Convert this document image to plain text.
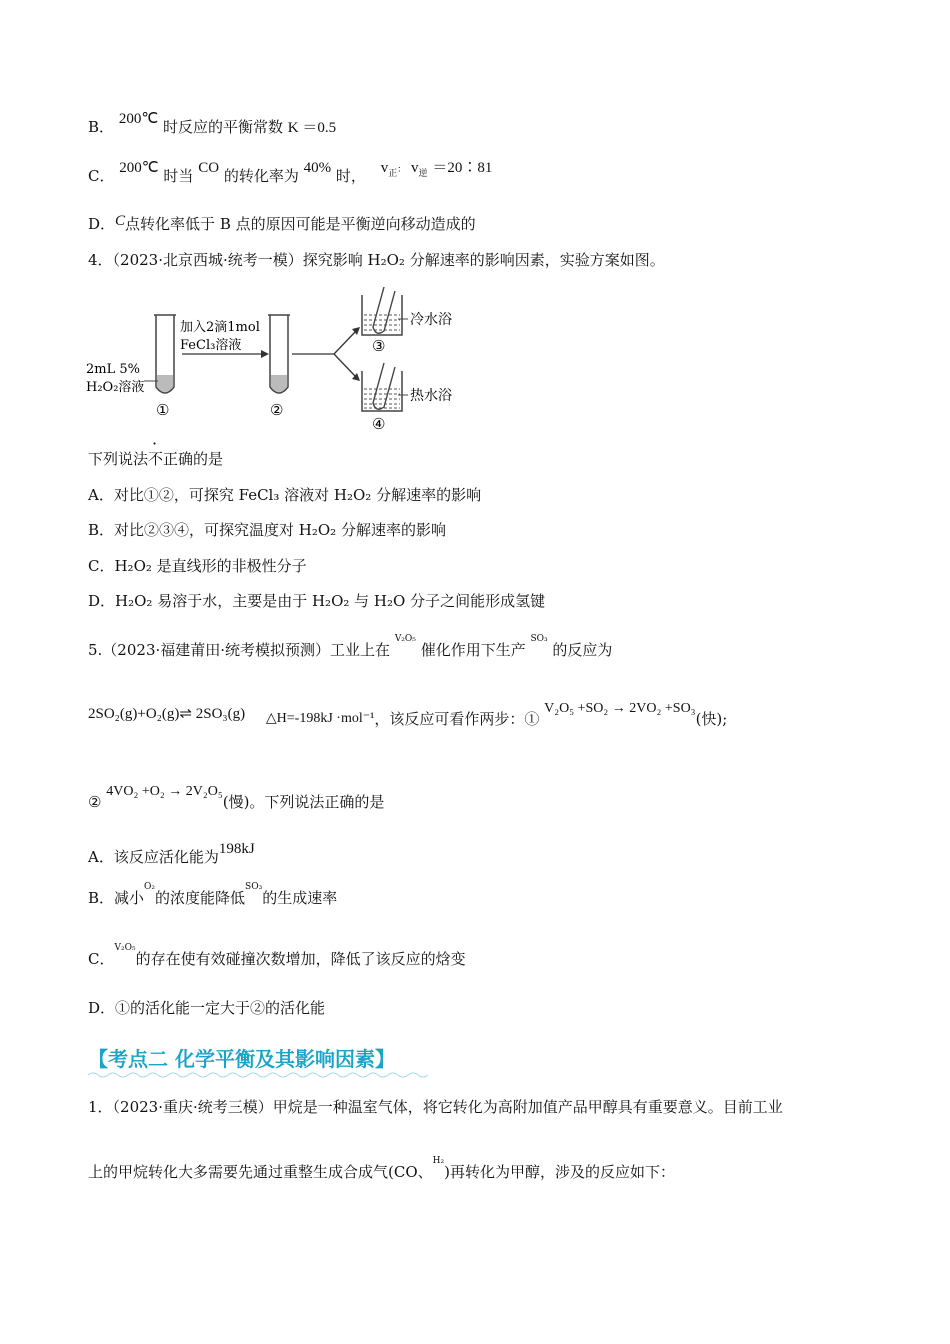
B． 200℃ 时反应的平衡常数 K ＝0.5
C． 200℃ 时当 CO 的转化率为 40% 时， $v_正$： $v_逆$ ＝20∶81
D．C点转化率低于 B 点的原因可能是平衡逆向移动造成的
4．（2023·北京西城·统考一模）探究影响 H₂O₂ 分解速率的影响因素，实验方案如图。
2mL 5%
H₂O₂溶液
①
加入2滴1mol
FeCl₃溶液
②
冷水浴
③
热水浴
④
下列说法不正确的是
A．对比①②，可探究 FeCl₃ 溶液对 H₂O₂ 分解速率的影响
B．对比②③④，可探究温度对 H₂O₂ 分解速率的影响
C．H₂O₂ 是直线形的非极性分子
D．H₂O₂ 易溶于水，主要是由于 H₂O₂ 与 H₂O 分子之间能形成氢键
5.（2023·福建莆田·统考模拟预测）工业上在 $^{V_2O_5}$ 催化作用下生产 $^{SO_3}$ 的反应为
2SO₂(g)+O₂(g)⇌ 2SO₃(g) △H=-198kJ ·mol⁻¹，该反应可看作两步：① V₂O₅ +SO₂ → 2VO₂ +SO₃(快);
② 4VO₂ +O₂ → 2V₂O₅(慢)。下列说法正确的是
A．该反应活化能为198kJ
B．减小$^{O_2}$的浓度能降低$^{SO_3}$的生成速率
C．$^{V_2O_5}$的存在使有效碰撞次数增加，降低了该反应的焓变
D．①的活化能一定大于②的活化能
【考点二 化学平衡及其影响因素】
1．（2023·重庆·统考三模）甲烷是一种温室气体，将它转化为高附加值产品甲醇具有重要意义。目前工业
上的甲烷转化大多需要先通过重整生成合成气(CO、$^{H_2}$)再转化为甲醇，涉及的反应如下：
